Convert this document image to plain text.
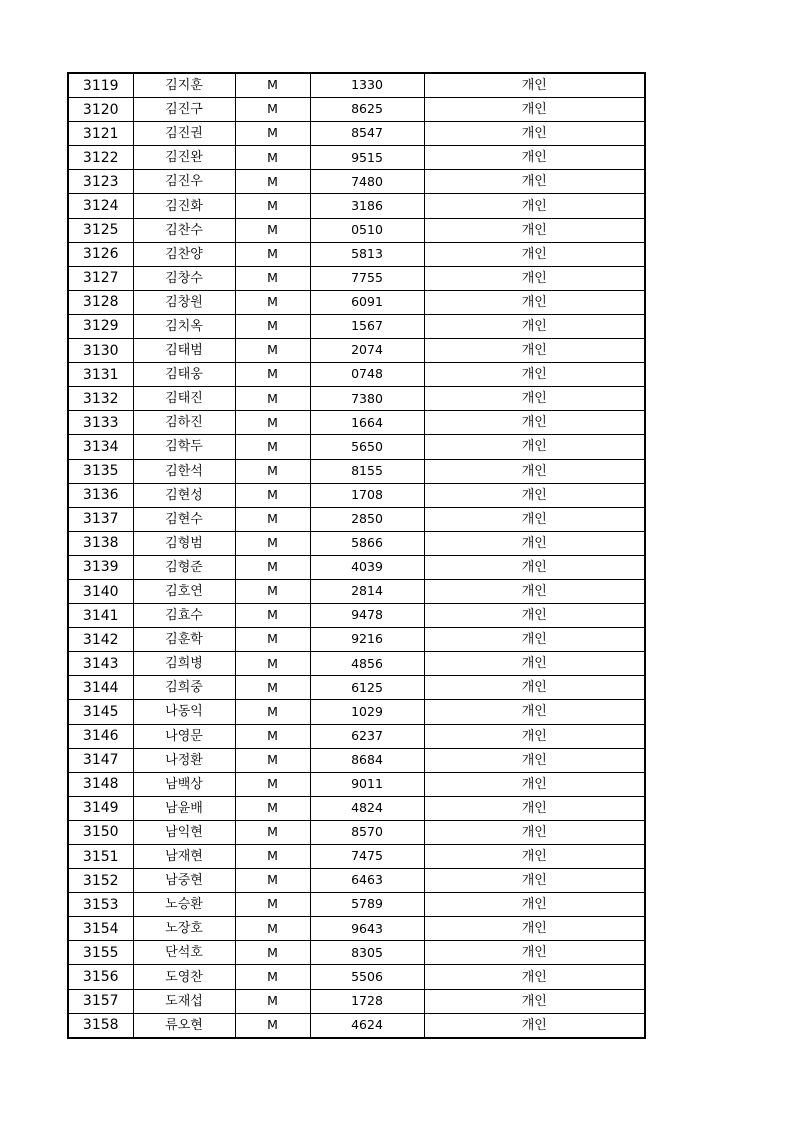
3119	김지훈	M	1330	개인
3120	김진구	M	8625	개인
3121	김진권	M	8547	개인
3122	김진완	M	9515	개인
3123	김진우	M	7480	개인
3124	김진화	M	3186	개인
3125	김찬수	M	0510	개인
3126	김찬양	M	5813	개인
3127	김창수	M	7755	개인
3128	김창원	M	6091	개인
3129	김치옥	M	1567	개인
3130	김태범	M	2074	개인
3131	김태웅	M	0748	개인
3132	김태진	M	7380	개인
3133	김하진	M	1664	개인
3134	김학두	M	5650	개인
3135	김한석	M	8155	개인
3136	김현성	M	1708	개인
3137	김현수	M	2850	개인
3138	김형범	M	5866	개인
3139	김형준	M	4039	개인
3140	김호연	M	2814	개인
3141	김효수	M	9478	개인
3142	김훈학	M	9216	개인
3143	김희병	M	4856	개인
3144	김희중	M	6125	개인
3145	나동익	M	1029	개인
3146	나영문	M	6237	개인
3147	나정환	M	8684	개인
3148	남백상	M	9011	개인
3149	남윤배	M	4824	개인
3150	남익현	M	8570	개인
3151	남재현	M	7475	개인
3152	남중현	M	6463	개인
3153	노승환	M	5789	개인
3154	노장호	M	9643	개인
3155	단석호	M	8305	개인
3156	도영찬	M	5506	개인
3157	도재섭	M	1728	개인
3158	류오현	M	4624	개인
